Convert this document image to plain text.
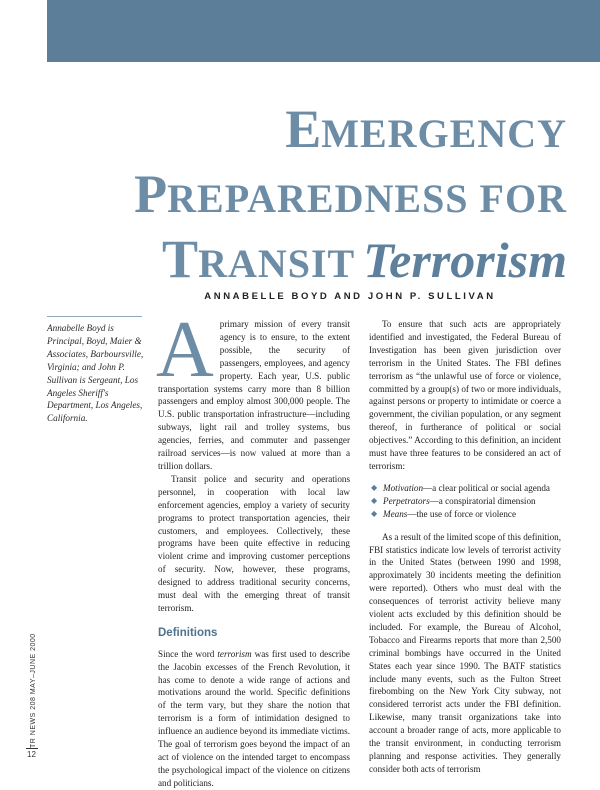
EMERGENCY
PREPAREDNESS FOR
TRANSIT Terrorism
ANNABELLE BOYD AND JOHN P. SULLIVAN
Annabelle Boyd is Principal, Boyd, Maier & Associates, Barboursville, Virginia; and John P. Sullivan is Sergeant, Los Angeles Sheriff's Department, Los Angeles, California.

Aprimary mission of every transit agency is to ensure, to the extent possible, the security of passengers, employees, and agency property. Each year, U.S. public transportation systems carry more than 8 billion passengers and employ almost 300,000 people. The U.S. public transportation infrastructure—including subways, light rail and trolley systems, bus agencies, ferries, and commuter and passenger railroad services—is now valued at more than a trillion dollars.

Transit police and security and operations personnel, in cooperation with local law enforcement agencies, employ a variety of security programs to protect transportation agencies, their customers, and employees. Collectively, these programs have been quite effective in reducing violent crime and improving customer perceptions of security. Now, however, these programs, designed to address traditional security concerns, must deal with the emerging threat of transit terrorism.

Definitions

Since the word terrorism was first used to describe the Jacobin excesses of the French Revolution, it has come to denote a wide range of actions and motivations around the world. Specific definitions of the term vary, but they share the notion that terrorism is a form of intimidation designed to influence an audience beyond its immediate victims. The goal of terrorism goes beyond the impact of an act of violence on the intended target to encompass the psychological impact of the violence on citizens and politicians.

To ensure that such acts are appropriately identified and investigated, the Federal Bureau of Investigation has been given jurisdiction over terrorism in the United States. The FBI defines terrorism as “the unlawful use of force or violence, committed by a group(s) of two or more individuals, against persons or property to intimidate or coerce a government, the civilian population, or any segment thereof, in furtherance of political or social objectives.” According to this definition, an incident must have three features to be considered an act of terrorism:

◆ Motivation—a clear political or social agenda
◆ Perpetrators—a conspiratorial dimension
◆ Means—the use of force or violence

As a result of the limited scope of this definition, FBI statistics indicate low levels of terrorist activity in the United States (between 1990 and 1998, approximately 30 incidents meeting the definition were reported). Others who must deal with the consequences of terrorist activity believe many violent acts excluded by this definition should be included. For example, the Bureau of Alcohol, Tobacco and Firearms reports that more than 2,500 criminal bombings have occurred in the United States each year since 1990. The BATF statistics include many events, such as the Fulton Street firebombing on the New York City subway, not considered terrorist acts under the FBI definition. Likewise, many transit organizations take into account a broader range of acts, more applicable to the transit environment, in conducting terrorism planning and response activities. They generally consider both acts of terrorism

TR NEWS 208 MAY–JUNE 2000
12
